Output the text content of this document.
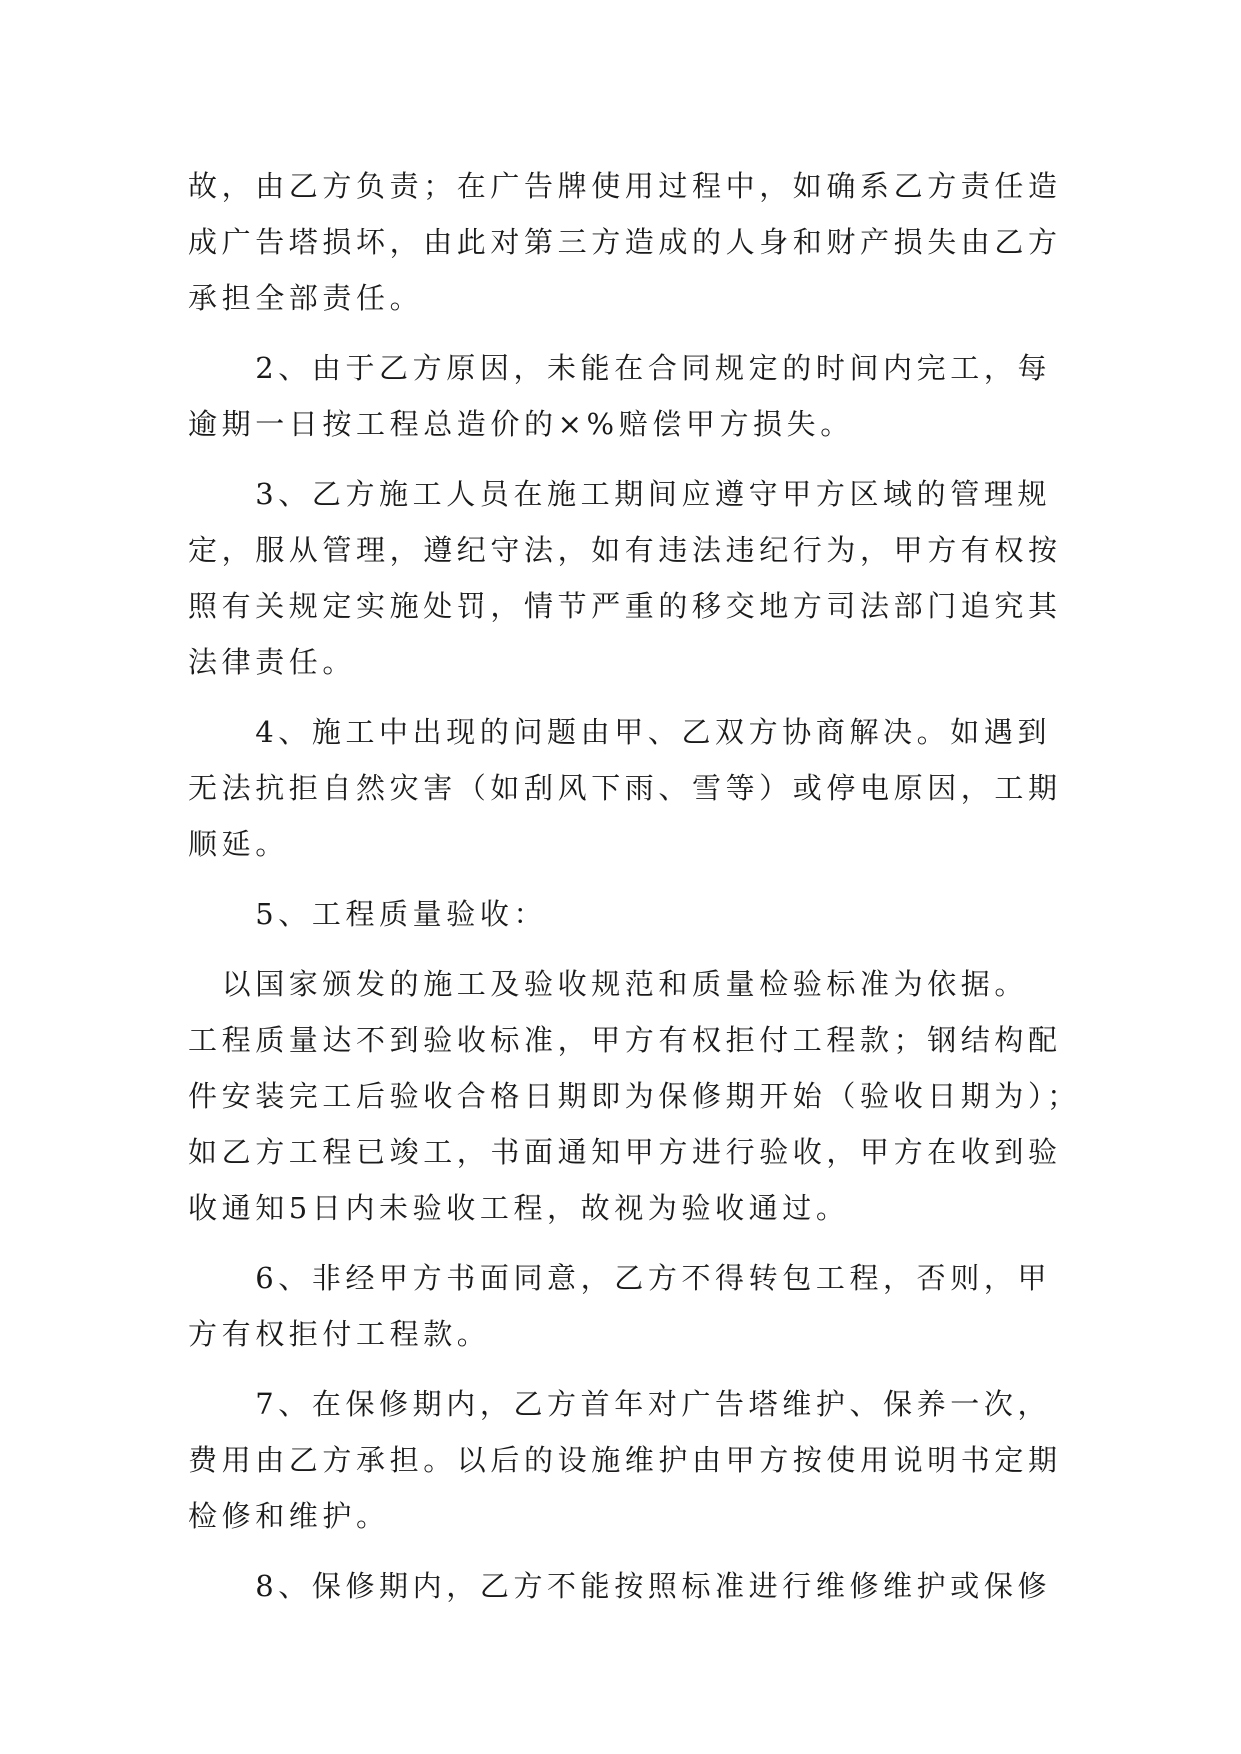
故，由乙方负责；在广告牌使用过程中，如确系乙方责任造
成广告塔损坏，由此对第三方造成的人身和财产损失由乙方
承担全部责任。
　　2、由于乙方原因，未能在合同规定的时间内完工，每
逾期一日按工程总造价的×%赔偿甲方损失。
　　3、乙方施工人员在施工期间应遵守甲方区域的管理规
定，服从管理，遵纪守法，如有违法违纪行为，甲方有权按
照有关规定实施处罚，情节严重的移交地方司法部门追究其
法律责任。
　　4、施工中出现的问题由甲、乙双方协商解决。如遇到
无法抗拒自然灾害（如刮风下雨、雪等）或停电原因，工期
顺延。
　　5、工程质量验收：
　以国家颁发的施工及验收规范和质量检验标准为依据。
工程质量达不到验收标准，甲方有权拒付工程款；钢结构配
件安装完工后验收合格日期即为保修期开始（验收日期为）；
如乙方工程已竣工，书面通知甲方进行验收，甲方在收到验
收通知5日内未验收工程，故视为验收通过。
　　6、非经甲方书面同意，乙方不得转包工程，否则，甲
方有权拒付工程款。
　　7、在保修期内，乙方首年对广告塔维护、保养一次，
费用由乙方承担。以后的设施维护由甲方按使用说明书定期
检修和维护。
　　8、保修期内，乙方不能按照标准进行维修维护或保修
